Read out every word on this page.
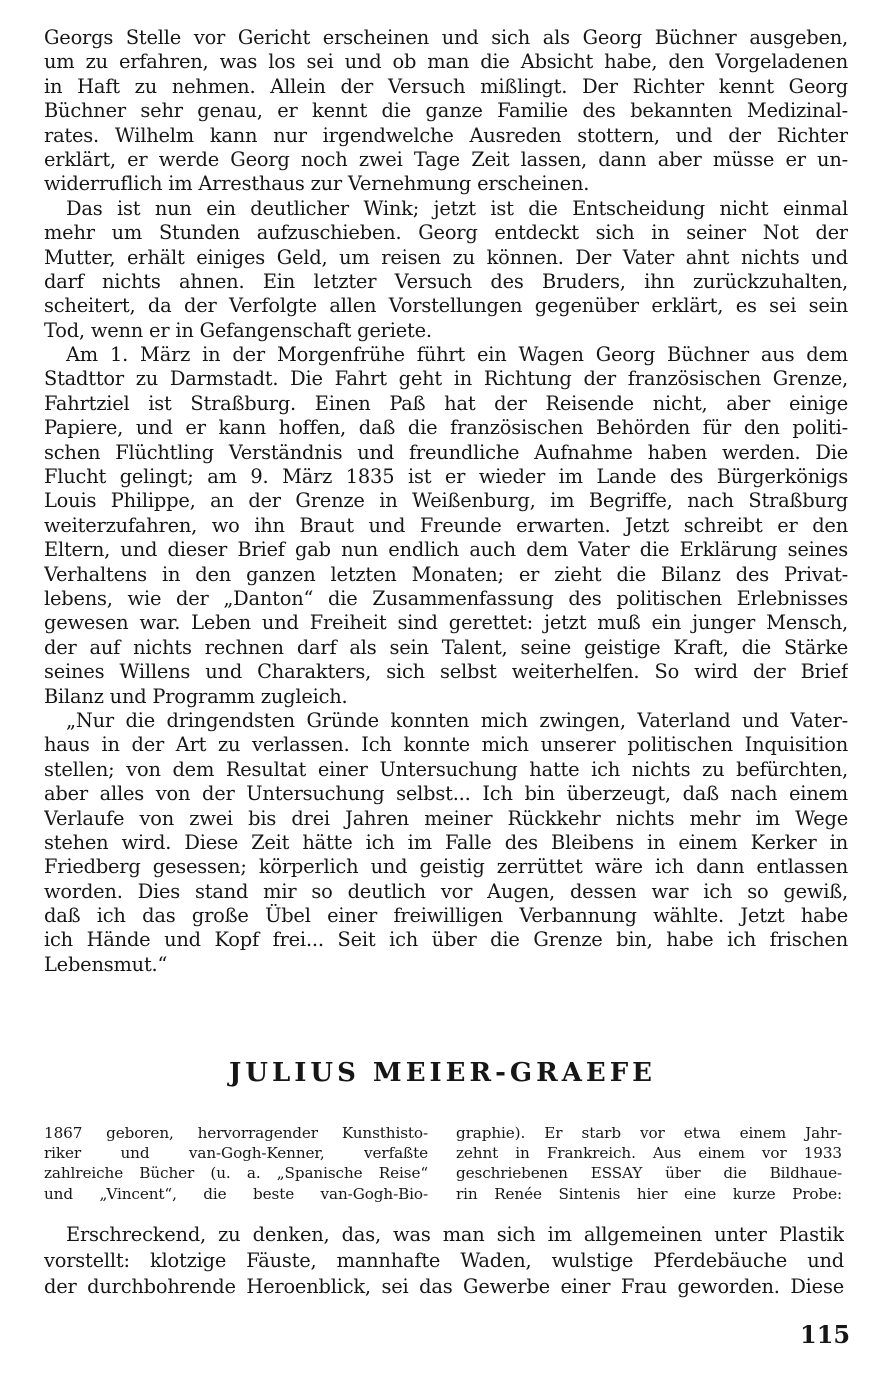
Georgs Stelle vor Gericht erscheinen und sich als Georg Büchner ausgeben,
um zu erfahren, was los sei und ob man die Absicht habe, den Vorgeladenen
in Haft zu nehmen. Allein der Versuch mißlingt. Der Richter kennt Georg
Büchner sehr genau, er kennt die ganze Familie des bekannten Medizinal-
rates. Wilhelm kann nur irgendwelche Ausreden stottern, und der Richter
erklärt, er werde Georg noch zwei Tage Zeit lassen, dann aber müsse er un-
widerruflich im Arresthaus zur Vernehmung erscheinen.
Das ist nun ein deutlicher Wink; jetzt ist die Entscheidung nicht einmal
mehr um Stunden aufzuschieben. Georg entdeckt sich in seiner Not der
Mutter, erhält einiges Geld, um reisen zu können. Der Vater ahnt nichts und
darf nichts ahnen. Ein letzter Versuch des Bruders, ihn zurückzuhalten,
scheitert, da der Verfolgte allen Vorstellungen gegenüber erklärt, es sei sein
Tod, wenn er in Gefangenschaft geriete.
Am 1. März in der Morgenfrühe führt ein Wagen Georg Büchner aus dem
Stadttor zu Darmstadt. Die Fahrt geht in Richtung der französischen Grenze,
Fahrtziel ist Straßburg. Einen Paß hat der Reisende nicht, aber einige
Papiere, und er kann hoffen, daß die französischen Behörden für den politi-
schen Flüchtling Verständnis und freundliche Aufnahme haben werden. Die
Flucht gelingt; am 9. März 1835 ist er wieder im Lande des Bürgerkönigs
Louis Philippe, an der Grenze in Weißenburg, im Begriffe, nach Straßburg
weiterzufahren, wo ihn Braut und Freunde erwarten. Jetzt schreibt er den
Eltern, und dieser Brief gab nun endlich auch dem Vater die Erklärung seines
Verhaltens in den ganzen letzten Monaten; er zieht die Bilanz des Privat-
lebens, wie der „Danton“ die Zusammenfassung des politischen Erlebnisses
gewesen war. Leben und Freiheit sind gerettet: jetzt muß ein junger Mensch,
der auf nichts rechnen darf als sein Talent, seine geistige Kraft, die Stärke
seines Willens und Charakters, sich selbst weiterhelfen. So wird der Brief
Bilanz und Programm zugleich.
„Nur die dringendsten Gründe konnten mich zwingen, Vaterland und Vater-
haus in der Art zu verlassen. Ich konnte mich unserer politischen Inquisition
stellen; von dem Resultat einer Untersuchung hatte ich nichts zu befürchten,
aber alles von der Untersuchung selbst... Ich bin überzeugt, daß nach einem
Verlaufe von zwei bis drei Jahren meiner Rückkehr nichts mehr im Wege
stehen wird. Diese Zeit hätte ich im Falle des Bleibens in einem Kerker in
Friedberg gesessen; körperlich und geistig zerrüttet wäre ich dann entlassen
worden. Dies stand mir so deutlich vor Augen, dessen war ich so gewiß,
daß ich das große Übel einer freiwilligen Verbannung wählte. Jetzt habe
ich Hände und Kopf frei... Seit ich über die Grenze bin, habe ich frischen
Lebensmut.“
JULIUS MEIER-GRAEFE
1867 geboren, hervorragender Kunsthisto-
riker und van-Gogh-Kenner, verfaßte
zahlreiche Bücher (u. a. „Spanische Reise“
und „Vincent“, die beste van-Gogh-Bio-
graphie). Er starb vor etwa einem Jahr-
zehnt in Frankreich. Aus einem vor 1933
geschriebenen ESSAY über die Bildhaue-
rin Renée Sintenis hier eine kurze Probe:
Erschreckend, zu denken, das, was man sich im allgemeinen unter Plastik
vorstellt: klotzige Fäuste, mannhafte Waden, wulstige Pferdebäuche und
der durchbohrende Heroenblick, sei das Gewerbe einer Frau geworden. Diese
115
